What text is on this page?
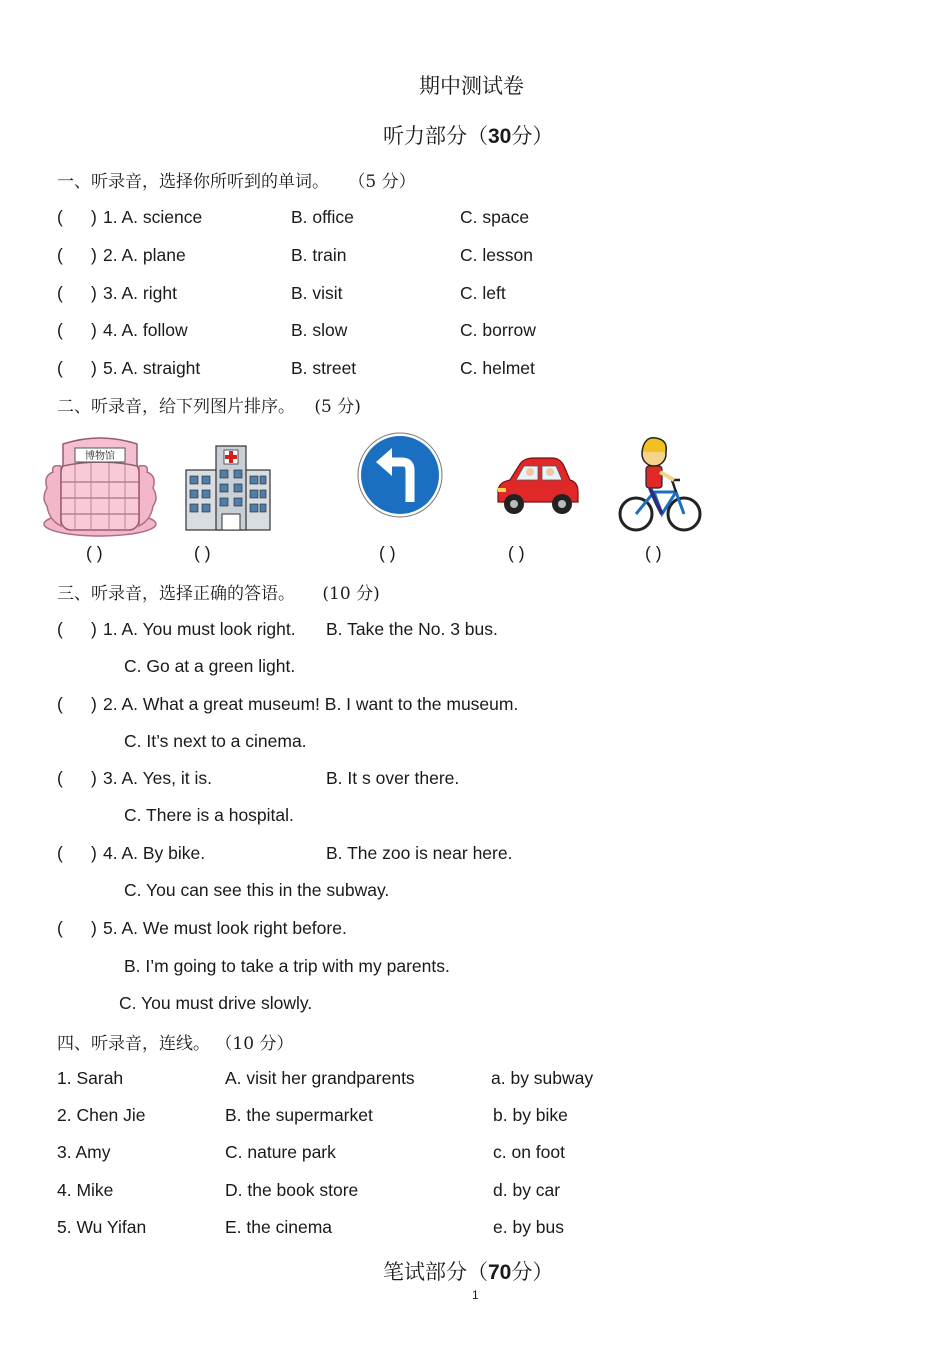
期中测试卷
听力部分（30分）
一、听录音，选择你所听到的单词。 （5 分）
( ) 1. A. science	B. office	C. space
( ) 2. A. plane	B. train	C. lesson
( ) 3. A. right	B. visit	C. left
( ) 4. A. follow	B. slow	C. borrow
( ) 5. A. straight	B. street	C. helmet
二、听录音，给下列图片排序。 (5 分)
博物馆
( )	( )	( )	( )	( )
三、听录音，选择正确的答语。 (10 分)
( ) 1. A. You must look right. B. Take the No. 3 bus.
C. Go at a green light.
( ) 2. A. What a great museum! B. I want to the museum.
C. It’s next to a cinema.
( ) 3. A. Yes, it is.	B. It s over there.
C. There is a hospital.
( ) 4. A. By bike.	B. The zoo is near here.
C. You can see this in the subway.
( ) 5. A. We must look right before.
B. I’m going to take a trip with my parents.
C. You must drive slowly.
四、听录音，连线。 （10 分）
1. Sarah	A. visit her grandparents	a. by subway
2. Chen Jie	B. the supermarket	b. by bike
3. Amy	C. nature park	c. on foot
4. Mike	D. the book store	d. by car
5. Wu Yifan	E. the cinema	e. by bus
笔试部分（70分）
1
